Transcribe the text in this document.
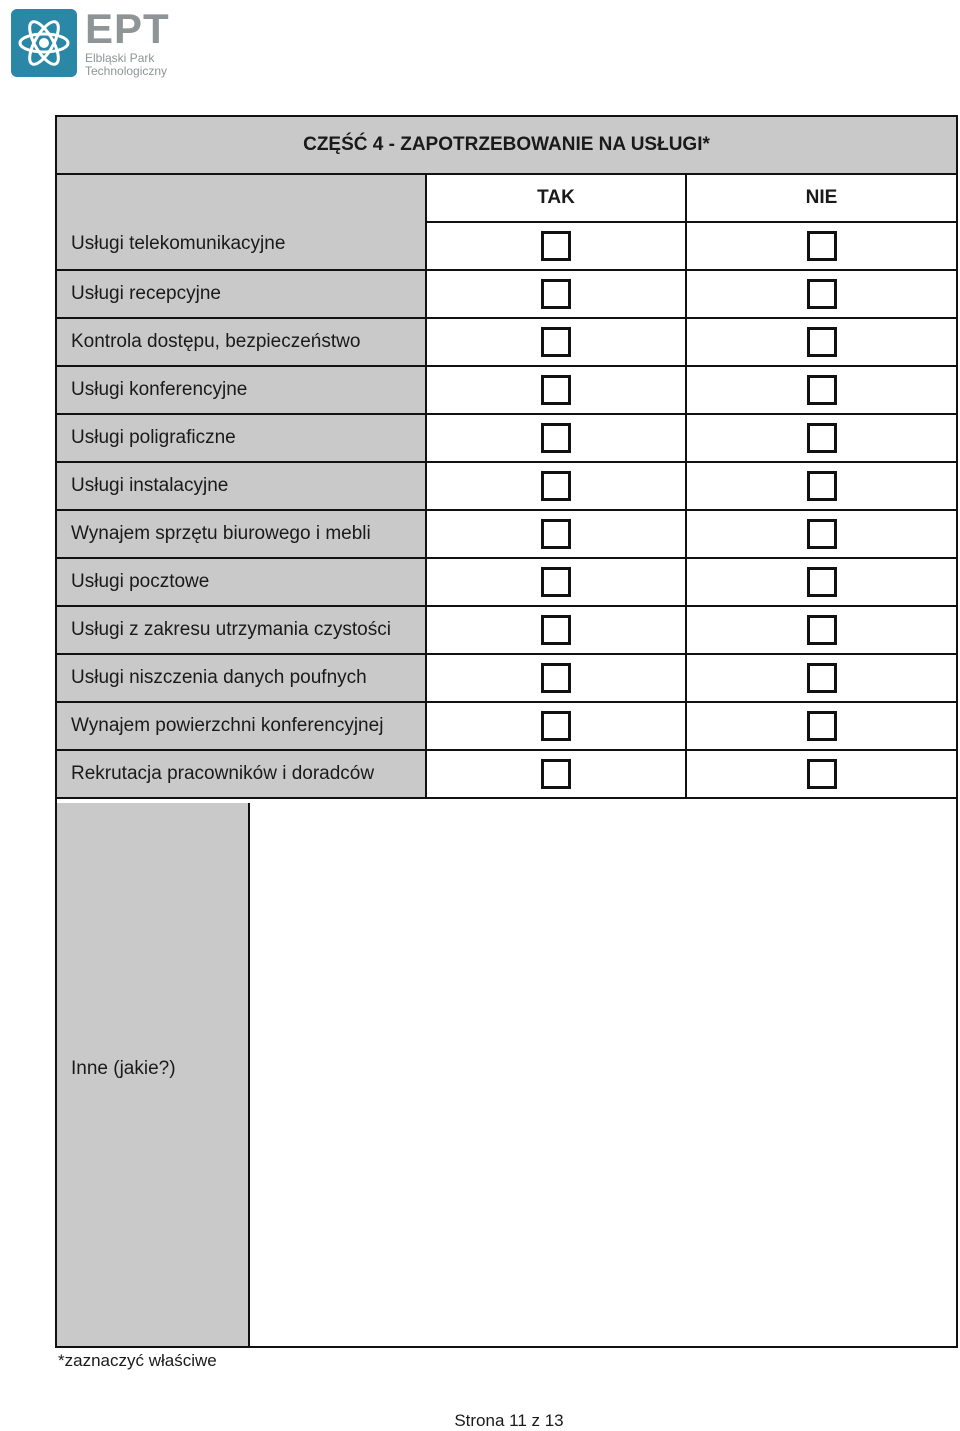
EPT
Elbląski Park
Technologiczny
CZĘŚĆ 4 - ZAPOTRZEBOWANIE NA USŁUGI*
TAK	NIE
Usługi telekomunikacyjne
Usługi recepcyjne
Kontrola dostępu, bezpieczeństwo
Usługi konferencyjne
Usługi poligraficzne
Usługi instalacyjne
Wynajem sprzętu biurowego i mebli
Usługi pocztowe
Usługi z zakresu utrzymania czystości
Usługi niszczenia danych poufnych
Wynajem powierzchni konferencyjnej
Rekrutacja pracowników i doradców
Inne (jakie?)
*zaznaczyć właściwe
Strona 11 z 13
